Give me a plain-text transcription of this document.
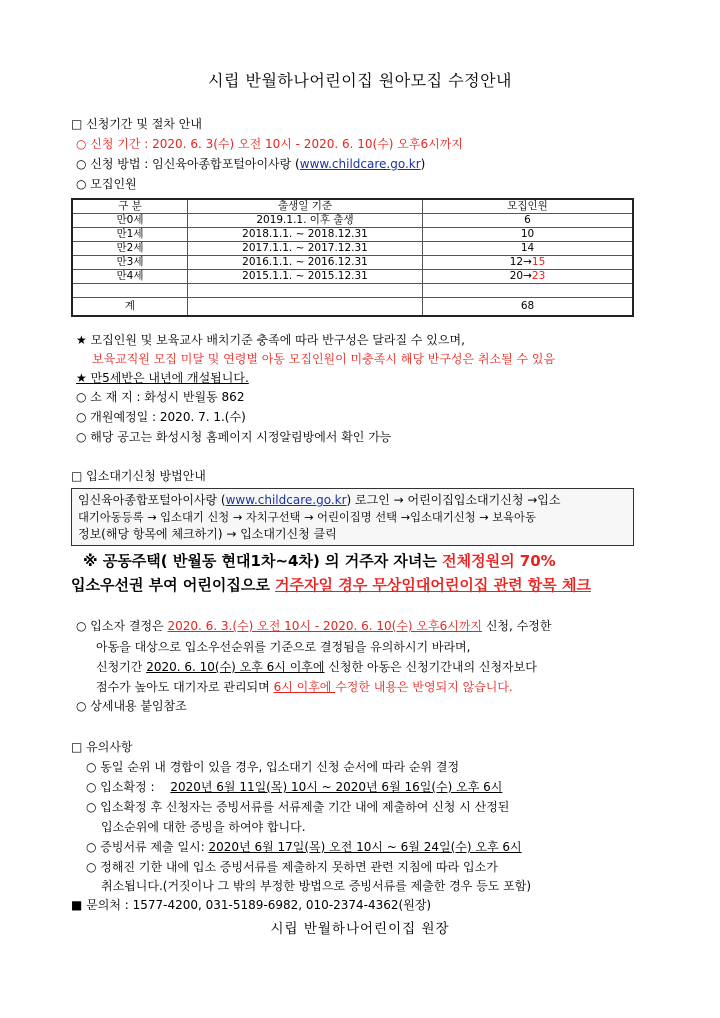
시립 반월하나어린이집 원아모집 수정안내
□ 신청기간 및 절차 안내
○ 신청 기간 : 2020. 6. 3(수) 오전 10시 - 2020. 6. 10(수) 오후6시까지
○ 신청 방법 : 임신육아종합포털아이사랑 (www.childcare.go.kr)
○ 모집인원
구 분	출생일 기준	모집인원
만0세	2019.1.1. 이후 출생	6
만1세	2018.1.1. ~ 2018.12.31	10
만2세	2017.1.1. ~ 2017.12.31	14
만3세	2016.1.1. ~ 2016.12.31	12→15
만4세	2015.1.1. ~ 2015.12.31	20→23

계		68
★ 모집인원 및 보육교사 배치기준 충족에 따라 반구성은 달라질 수 있으며,
보육교직원 모집 미달 및 연령별 아동 모집인원이 미충족시 해당 반구성은 취소될 수 있음
★ 만5세반은 내년에 개설됩니다.
○ 소 재 지 : 화성시 반월동 862
○ 개원예정일 : 2020. 7. 1.(수)
○ 해당 공고는 화성시청 홈페이지 시정알림방에서 확인 가능
□ 입소대기신청 방법안내
임신육아종합포털아이사랑 (www.childcare.go.kr) 로그인 → 어린이집입소대기신청 →입소
대기아동등록 → 입소대기 신청 → 자치구선택 → 어린이집명 선택 →입소대기신청 → 보육아동
정보(해당 항목에 체크하기) → 입소대기신청 클릭
※ 공동주택( 반월동 현대1차~4차) 의 거주자 자녀는 전체정원의 70%
입소우선권 부여 어린이집으로 거주자일 경우 무상임대어린이집 관련 항목 체크
○ 입소자 결정은 2020. 6. 3.(수) 오전 10시 - 2020. 6. 10(수) 오후6시까지 신청, 수정한
아동을 대상으로 입소우선순위를 기준으로 결정됨을 유의하시기 바라며,
신청기간 2020. 6. 10(수) 오후 6시 이후에 신청한 아동은 신청기간내의 신청자보다
점수가 높아도 대기자로 관리되며 6시 이후에 수정한 내용은 반영되지 않습니다.
○ 상세내용 붙임참조
□ 유의사항
○ 동일 순위 내 경합이 있을 경우, 입소대기 신청 순서에 따라 순위 결정
○ 입소확정 : 2020년 6월 11일(목) 10시 ~ 2020년 6월 16일(수) 오후 6시
○ 입소확정 후 신청자는 증빙서류를 서류제출 기간 내에 제출하여 신청 시 산정된
입소순위에 대한 증빙을 하여야 합니다.
○ 증빙서류 제출 일시: 2020년 6월 17일(목) 오전 10시 ~ 6월 24일(수) 오후 6시
○ 정해진 기한 내에 입소 증빙서류를 제출하지 못하면 관련 지침에 따라 입소가
취소됩니다.(거짓이나 그 밖의 부정한 방법으로 증빙서류를 제출한 경우 등도 포함)
■ 문의처 : 1577-4200, 031-5189-6982, 010-2374-4362(원장)
시립 반월하나어린이집 원장
